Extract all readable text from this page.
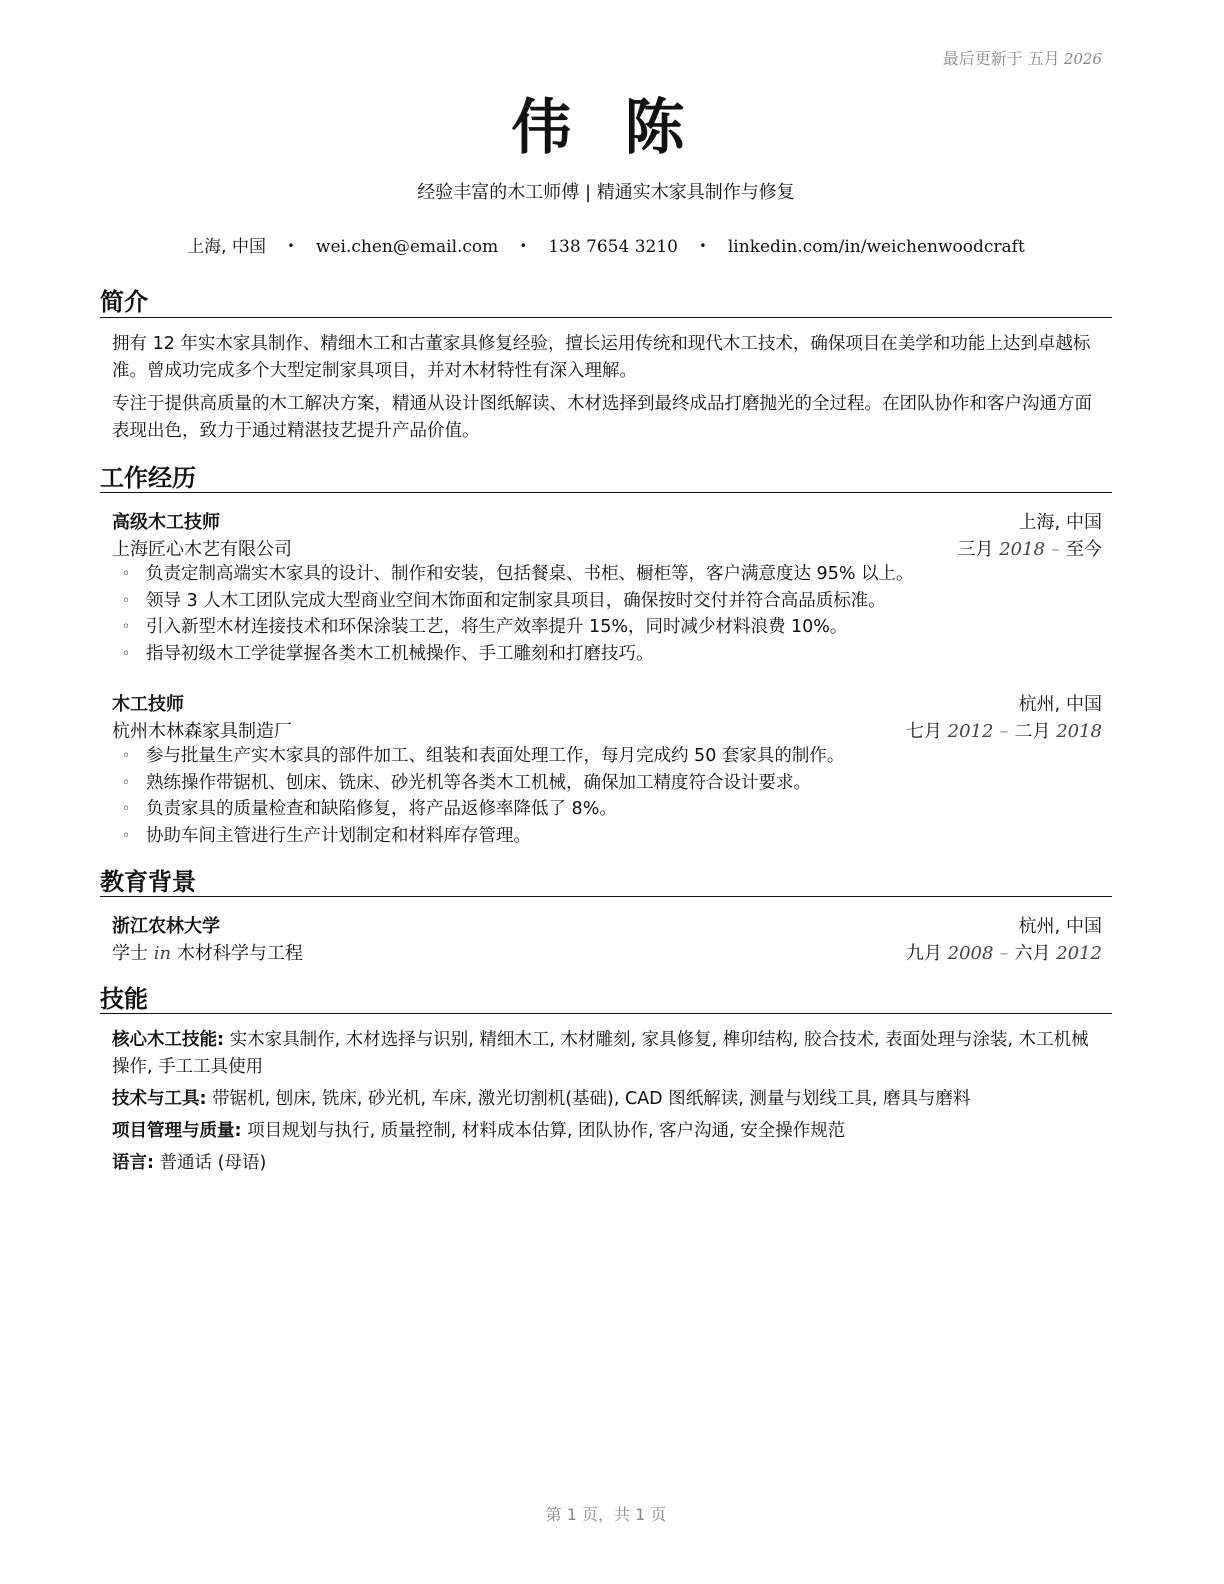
最后更新于 五月 2026
伟 陈
经验丰富的木工师傅 | 精通实木家具制作与修复
上海, 中国 • wei.chen@email.com • 138 7654 3210 • linkedin.com/in/weichenwoodcraft
简介
拥有 12 年实木家具制作、精细木工和古董家具修复经验，擅长运用传统和现代木工技术，确保项目在美学和功能上达到卓越标准。曾成功完成多个大型定制家具项目，并对木材特性有深入理解。
专注于提供高质量的木工解决方案，精通从设计图纸解读、木材选择到最终成品打磨抛光的全过程。在团队协作和客户沟通方面表现出色，致力于通过精湛技艺提升产品价值。
工作经历
高级木工技师	上海, 中国
上海匠心木艺有限公司	三月 2018 – 至今
◦ 负责定制高端实木家具的设计、制作和安装，包括餐桌、书柜、橱柜等，客户满意度达 95% 以上。
◦ 领导 3 人木工团队完成大型商业空间木饰面和定制家具项目，确保按时交付并符合高品质标准。
◦ 引入新型木材连接技术和环保涂装工艺，将生产效率提升 15%，同时减少材料浪费 10%。
◦ 指导初级木工学徒掌握各类木工机械操作、手工雕刻和打磨技巧。
木工技师	杭州, 中国
杭州木林森家具制造厂	七月 2012 – 二月 2018
◦ 参与批量生产实木家具的部件加工、组装和表面处理工作，每月完成约 50 套家具的制作。
◦ 熟练操作带锯机、刨床、铣床、砂光机等各类木工机械，确保加工精度符合设计要求。
◦ 负责家具的质量检查和缺陷修复，将产品返修率降低了 8%。
◦ 协助车间主管进行生产计划制定和材料库存管理。
教育背景
浙江农林大学	杭州, 中国
学士 in 木材科学与工程	九月 2008 – 六月 2012
技能
核心木工技能: 实木家具制作, 木材选择与识别, 精细木工, 木材雕刻, 家具修复, 榫卯结构, 胶合技术, 表面处理与涂装, 木工机械操作, 手工工具使用
技术与工具: 带锯机, 刨床, 铣床, 砂光机, 车床, 激光切割机(基础), CAD 图纸解读, 测量与划线工具, 磨具与磨料
项目管理与质量: 项目规划与执行, 质量控制, 材料成本估算, 团队协作, 客户沟通, 安全操作规范
语言: 普通话 (母语)
第 1 页，共 1 页
